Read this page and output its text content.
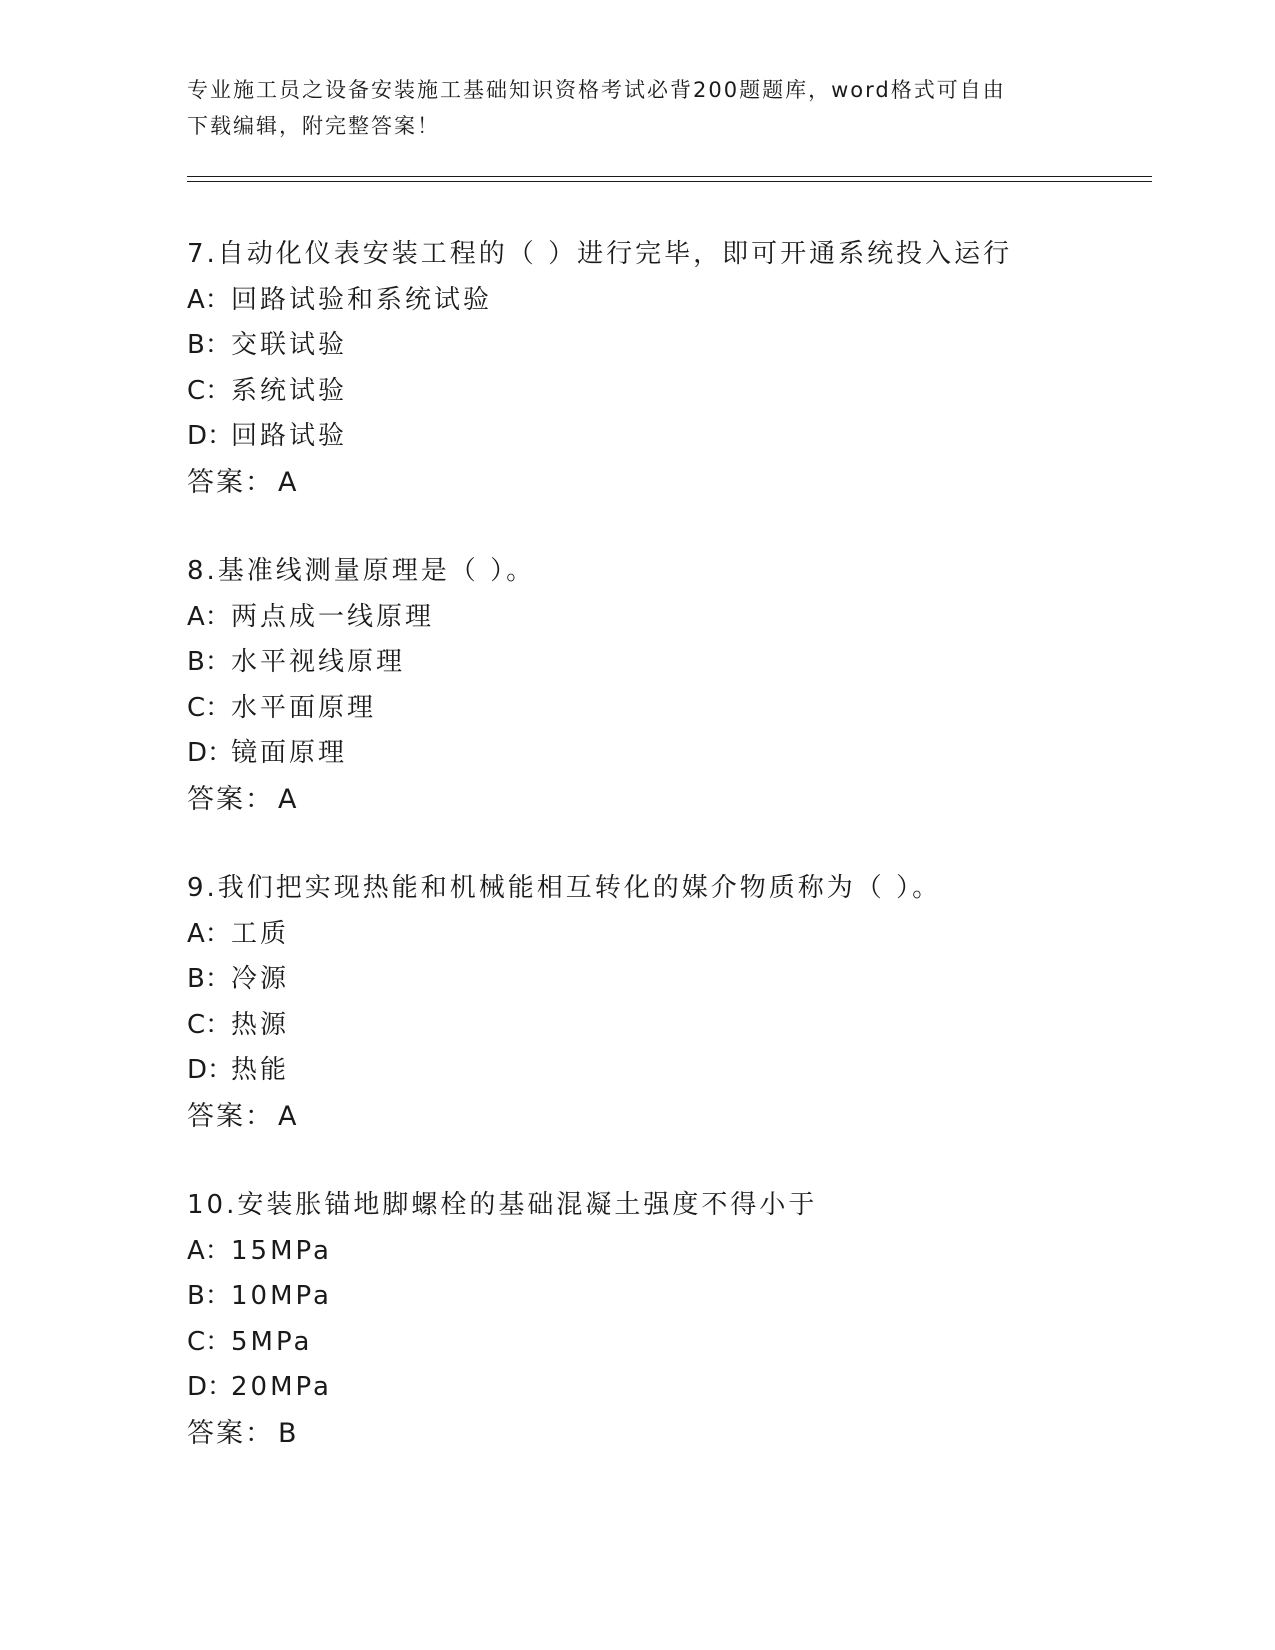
专业施工员之设备安装施工基础知识资格考试必背200题题库，word格式可自由
下载编辑，附完整答案！
7.自动化仪表安装工程的（ ）进行完毕，即可开通系统投入运行
A：回路试验和系统试验
B：交联试验
C：系统试验
D：回路试验
答案： A
8.基准线测量原理是（ ）。
A：两点成一线原理
B：水平视线原理
C：水平面原理
D：镜面原理
答案： A
9.我们把实现热能和机械能相互转化的媒介物质称为（ ）。
A：工质
B：冷源
C：热源
D：热能
答案： A
10.安装胀锚地脚螺栓的基础混凝土强度不得小于
A：15MPa
B：10MPa
C：5MPa
D：20MPa
答案： B
